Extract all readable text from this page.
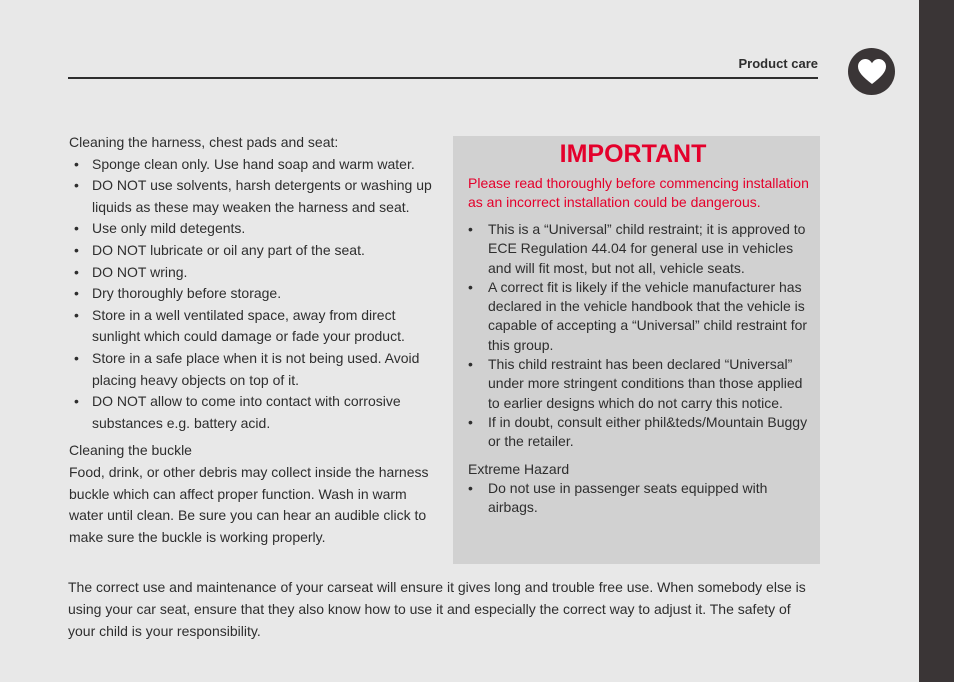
Product care

Cleaning the harness, chest pads and seat:

• Sponge clean only. Use hand soap and warm water.
• DO NOT use solvents, harsh detergents or washing up liquids as these may weaken the harness and seat.
• Use only mild detegents.
• DO NOT lubricate or oil any part of the seat.
• DO NOT wring.
• Dry thoroughly before storage.
• Store in a well ventilated space, away from direct sunlight which could damage or fade your product.
• Store in a safe place when it is not being used. Avoid placing heavy objects on top of it.
• DO NOT allow to come into contact with corrosive substances e.g. battery acid.

Cleaning the buckle

Food, drink, or other debris may collect inside the harness buckle which can affect proper function. Wash in warm water until clean. Be sure you can hear an audible click to make sure the buckle is working properly.

IMPORTANT

Please read thoroughly before commencing installation as an incorrect installation could be dangerous.

• This is a “Universal” child restraint; it is approved to ECE Regulation 44.04 for general use in vehicles and will fit most, but not all, vehicle seats.
• A correct fit is likely if the vehicle manufacturer has declared in the vehicle handbook that the vehicle is capable of accepting a “Universal” child restraint for this group.
• This child restraint has been declared “Universal” under more stringent conditions than those applied to earlier designs which do not carry this notice.
• If in doubt, consult either phil&teds/Mountain Buggy or the retailer.

Extreme Hazard

• Do not use in passenger seats equipped with airbags.

The correct use and maintenance of your carseat will ensure it gives long and trouble free use. When somebody else is using your car seat, ensure that they also know how to use it and especially the correct way to adjust it. The safety of your child is your responsibility.
